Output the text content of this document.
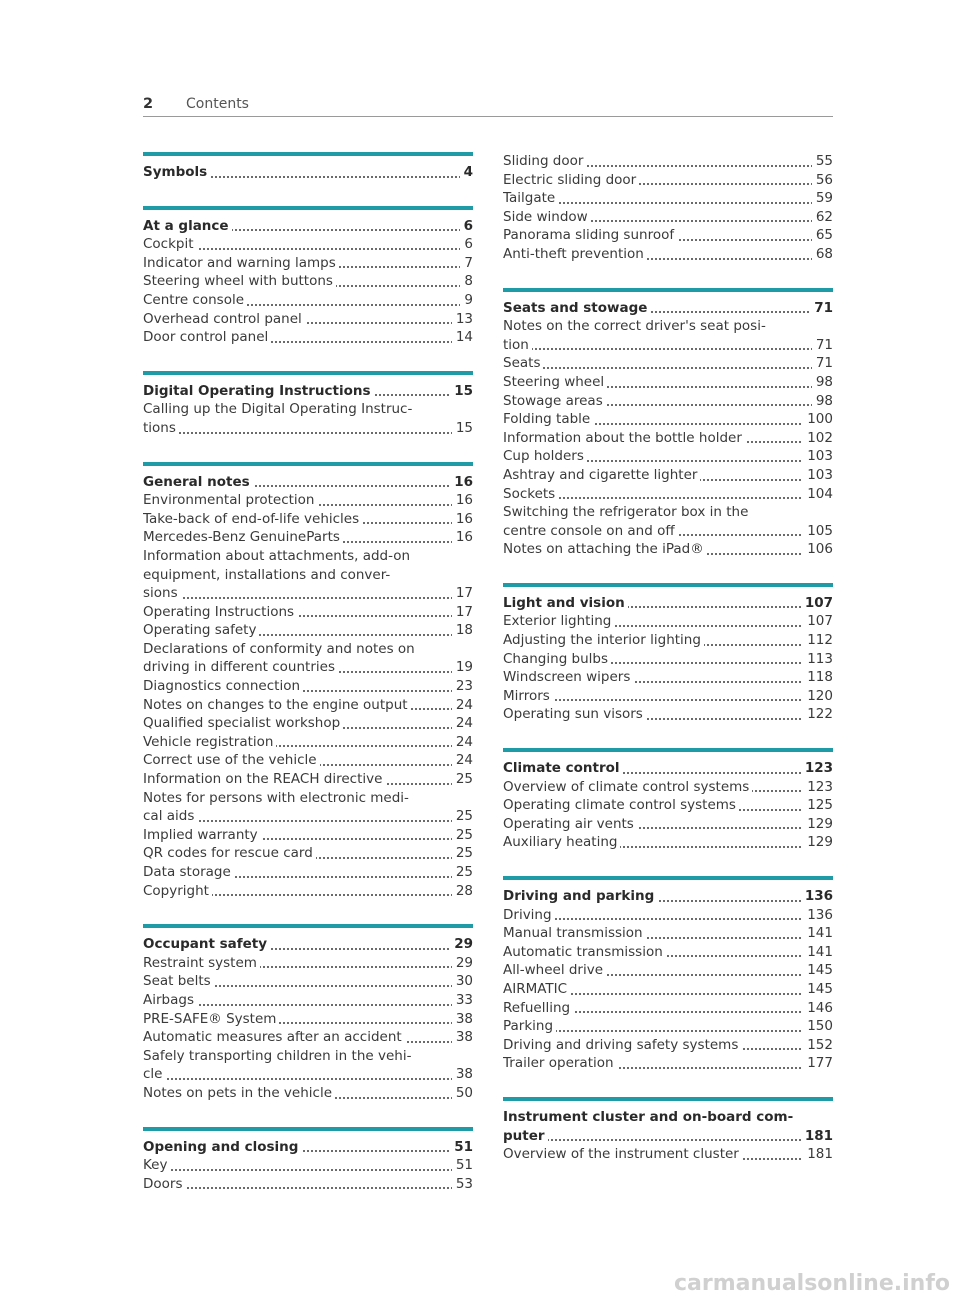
2 Contents
Symbols	4
At a glance	6
Cockpit	6
Indicator and warning lamps	7
Steering wheel with buttons	8
Centre console	9
Overhead control panel	13
Door control panel	14
Digital Operating Instructions	15
Calling up the Digital Operating Instruc-
tions	15
General notes	16
Environmental protection	16
Take-back of end-of-life vehicles	16
Mercedes-Benz GenuineParts	16
Information about attachments, add-on
equipment, installations and conver-
sions	17
Operating Instructions	17
Operating safety	18
Declarations of conformity and notes on
driving in different countries	19
Diagnostics connection	23
Notes on changes to the engine output	24
Qualified specialist workshop	24
Vehicle registration	24
Correct use of the vehicle	24
Information on the REACH directive	25
Notes for persons with electronic medi-
cal aids	25
Implied warranty	25
QR codes for rescue card	25
Data storage	25
Copyright	28
Occupant safety	29
Restraint system	29
Seat belts	30
Airbags	33
PRE-SAFE® System	38
Automatic measures after an accident	38
Safely transporting children in the vehi-
cle	38
Notes on pets in the vehicle	50
Opening and closing	51
Key	51
Doors	53
Sliding door	55
Electric sliding door	56
Tailgate	59
Side window	62
Panorama sliding sunroof	65
Anti-theft prevention	68
Seats and stowage	71
Notes on the correct driver's seat posi-
tion	71
Seats	71
Steering wheel	98
Stowage areas	98
Folding table	100
Information about the bottle holder	102
Cup holders	103
Ashtray and cigarette lighter	103
Sockets	104
Switching the refrigerator box in the
centre console on and off	105
Notes on attaching the iPad®	106
Light and vision	107
Exterior lighting	107
Adjusting the interior lighting	112
Changing bulbs	113
Windscreen wipers	118
Mirrors	120
Operating sun visors	122
Climate control	123
Overview of climate control systems	123
Operating climate control systems	125
Operating air vents	129
Auxiliary heating	129
Driving and parking	136
Driving	136
Manual transmission	141
Automatic transmission	141
All-wheel drive	145
AIRMATIC	145
Refuelling	146
Parking	150
Driving and driving safety systems	152
Trailer operation	177
Instrument cluster and on-board com-
puter	181
Overview of the instrument cluster	181
carmanualsonline.info
